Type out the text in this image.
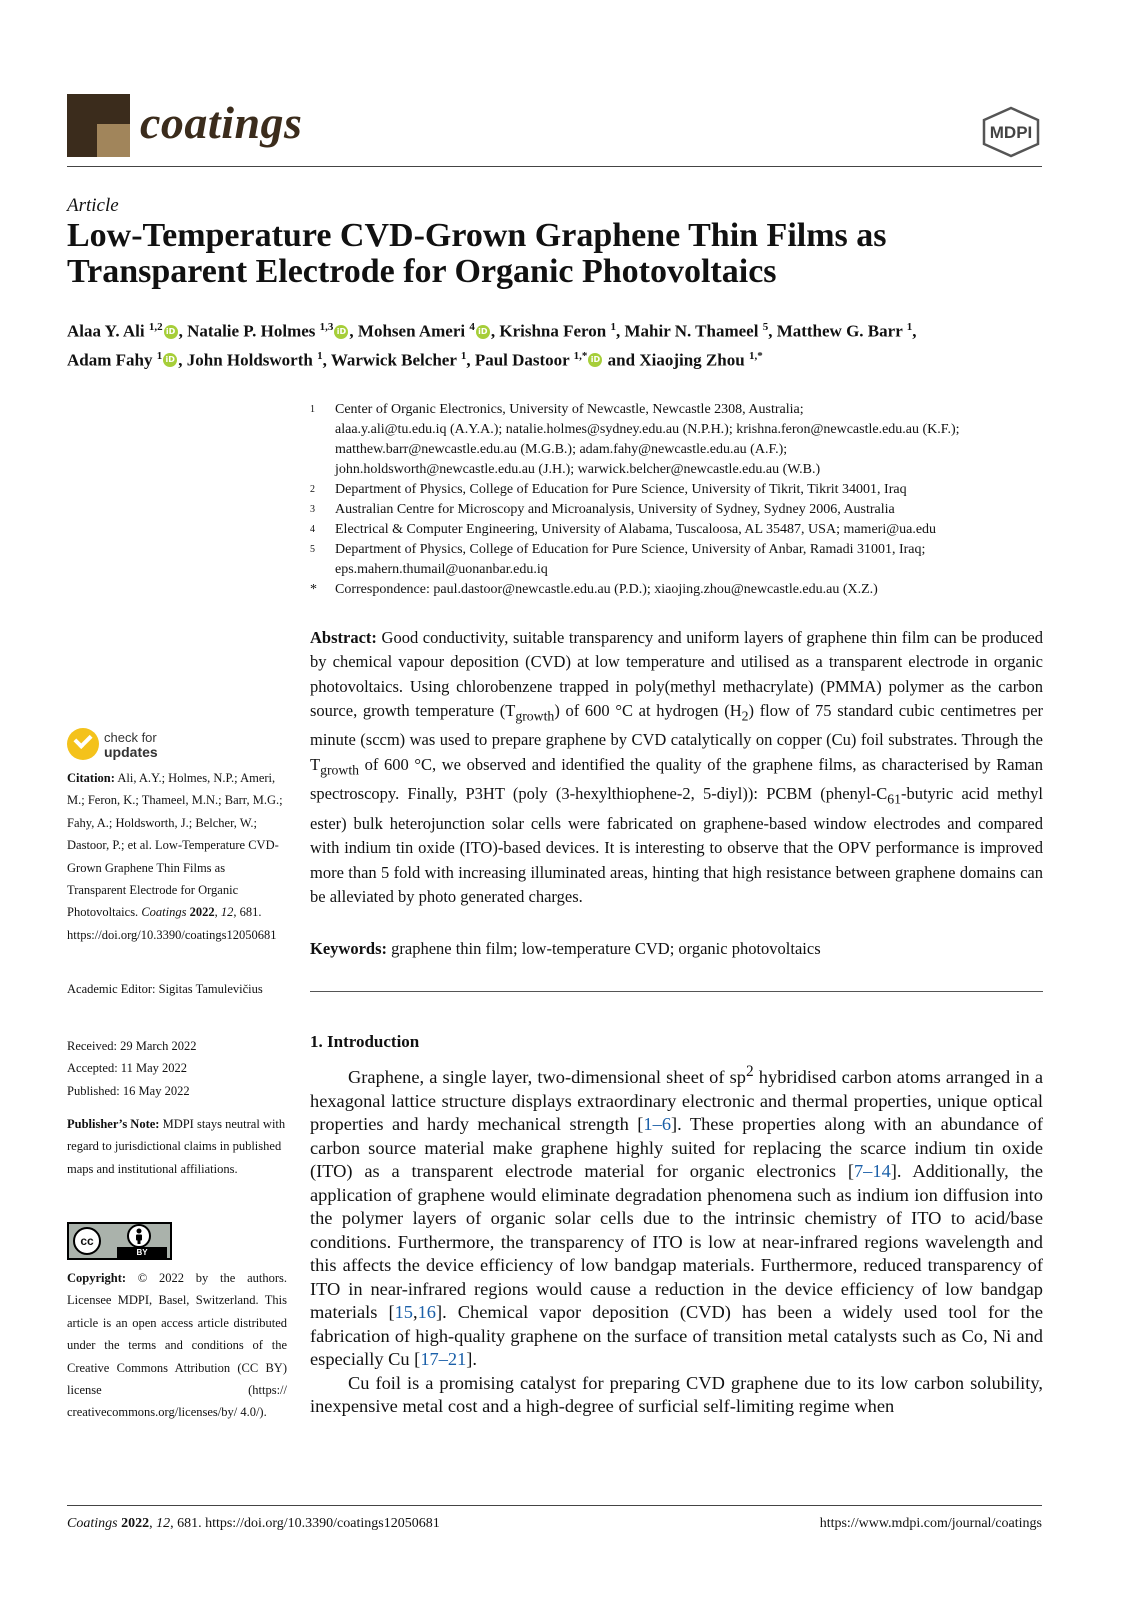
coatings	MDPI
Article
Low-Temperature CVD-Grown Graphene Thin Films as Transparent Electrode for Organic Photovoltaics
Alaa Y. Ali $^{1,2}$ iD , Natalie P. Holmes $^{1,3}$ iD , Mohsen Ameri $^4$ iD , Krishna Feron $^1$, Mahir N. Thameel $^5$, Matthew G. Barr $^1$,
Adam Fahy $^1$ iD , John Holdsworth $^1$, Warwick Belcher $^1$, Paul Dastoor $^{1,*}$ iD and Xiaojing Zhou $^{1,*}$
1	Center of Organic Electronics, University of Newcastle, Newcastle 2308, Australia;
alaa.y.ali@tu.edu.iq (A.Y.A.); natalie.holmes@sydney.edu.au (N.P.H.); krishna.feron@newcastle.edu.au (K.F.);
matthew.barr@newcastle.edu.au (M.G.B.); adam.fahy@newcastle.edu.au (A.F.);
john.holdsworth@newcastle.edu.au (J.H.); warwick.belcher@newcastle.edu.au (W.B.)
2	Department of Physics, College of Education for Pure Science, University of Tikrit, Tikrit 34001, Iraq
3	Australian Centre for Microscopy and Microanalysis, University of Sydney, Sydney 2006, Australia
4	Electrical & Computer Engineering, University of Alabama, Tuscaloosa, AL 35487, USA; mameri@ua.edu
5	Department of Physics, College of Education for Pure Science, University of Anbar, Ramadi 31001, Iraq;
eps.mahern.thumail@uonanbar.edu.iq
*	Correspondence: paul.dastoor@newcastle.edu.au (P.D.); xiaojing.zhou@newcastle.edu.au (X.Z.)
Abstract: Good conductivity, suitable transparency and uniform layers of graphene thin film can be produced by chemical vapour deposition (CVD) at low temperature and utilised as a transparent electrode in organic photovoltaics. Using chlorobenzene trapped in poly(methyl methacrylate) (PMMA) polymer as the carbon source, growth temperature $(T_{growth})$ of 600 °C at hydrogen $(H_2)$ flow of 75 standard cubic centimetres per minute (sccm) was used to prepare graphene by CVD catalytically on copper (Cu) foil substrates. Through the $T_{growth}$ of 600 °C, we observed and identified the quality of the graphene films, as characterised by Raman spectroscopy. Finally, P3HT (poly (3-hexylthiophene-2, 5-diyl)): PCBM ($phenyl-C_{61}$-butyric acid methyl ester) bulk heterojunction solar cells were fabricated on graphene-based window electrodes and compared with indium tin oxide (ITO)-based devices. It is interesting to observe that the OPV performance is improved more than 5 fold with increasing illuminated areas, hinting that high resistance between graphene domains can be alleviated by photo generated charges.
Keywords: graphene thin film; low-temperature CVD; organic photovoltaics
1. Introduction

Graphene, a single layer, two-dimensional sheet of $sp^2$ hybridised carbon atoms arranged in a hexagonal lattice structure displays extraordinary electronic and thermal properties, unique optical properties and hardy mechanical strength [1–6]. These properties along with an abundance of carbon source material make graphene highly suited for replacing the scarce indium tin oxide (ITO) as a transparent electrode material for organic electronics [7–14]. Additionally, the application of graphene would eliminate degradation phenomena such as indium ion diffusion into the polymer layers of organic solar cells due to the intrinsic chemistry of ITO to acid/base conditions. Furthermore, the transparency of ITO is low at near-infrared regions wavelength and this affects the device efficiency of low bandgap materials. Furthermore, reduced transparency of ITO in near-infrared regions would cause a reduction in the device efficiency of low bandgap materials [15,16]. Chemical vapor deposition (CVD) has been a widely used tool for the fabrication of high-quality graphene on the surface of transition metal catalysts such as Co, Ni and especially Cu [17–21].

Cu foil is a promising catalyst for preparing CVD graphene due to its low carbon solubility, inexpensive metal cost and a high-degree of surficial self-limiting regime when

check for
updates
Citation: Ali, A.Y.; Holmes, N.P.; Ameri, M.; Feron, K.; Thameel, M.N.; Barr, M.G.; Fahy, A.; Holdsworth, J.; Belcher, W.; Dastoor, P.; et al. Low-Temperature CVD-Grown Graphene Thin Films as Transparent Electrode for Organic Photovoltaics. Coatings 2022, 12, 681. https://doi.org/10.3390/coatings12050681
Academic Editor: Sigitas Tamulevičius
Received: 29 March 2022
Accepted: 11 May 2022
Published: 16 May 2022
Publisher’s Note: MDPI stays neutral with regard to jurisdictional claims in published maps and institutional affiliations.
cc
BY
Copyright: © 2022 by the authors. Licensee MDPI, Basel, Switzerland. This article is an open access article distributed under the terms and conditions of the Creative Commons Attribution (CC BY) license (https:// creativecommons.org/licenses/by/ 4.0/).
Coatings 2022, 12, 681. https://doi.org/10.3390/coatings12050681	https://www.mdpi.com/journal/coatings
